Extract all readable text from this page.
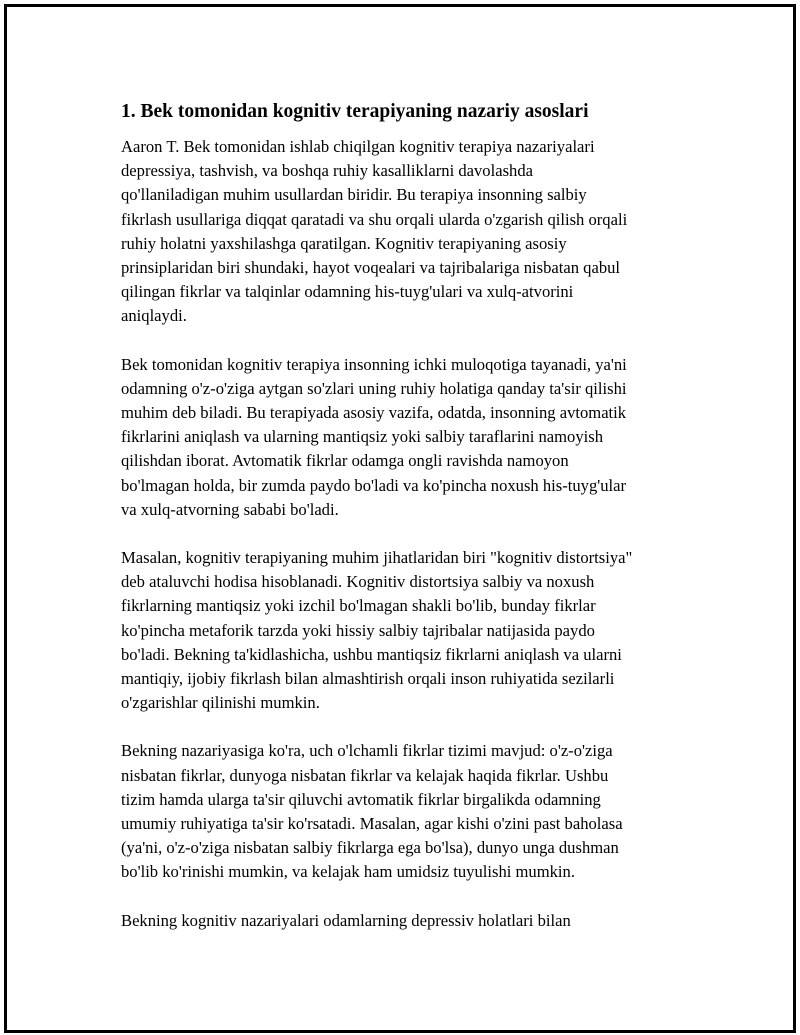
1. Bek tomonidan kognitiv terapiyaning nazariy asoslari
Aaron T. Bek tomonidan ishlab chiqilgan kognitiv terapiya nazariyalari
depressiya, tashvish, va boshqa ruhiy kasalliklarni davolashda
qo'llaniladigan muhim usullardan biridir. Bu terapiya insonning salbiy
fikrlash usullariga diqqat qaratadi va shu orqali ularda o'zgarish qilish orqali
ruhiy holatni yaxshilashga qaratilgan. Kognitiv terapiyaning asosiy
prinsiplaridan biri shundaki, hayot voqealari va tajribalariga nisbatan qabul
qilingan fikrlar va talqinlar odamning his-tuyg'ulari va xulq-atvorini
aniqlaydi.
Bek tomonidan kognitiv terapiya insonning ichki muloqotiga tayanadi, ya'ni
odamning o'z-o'ziga aytgan so'zlari uning ruhiy holatiga qanday ta'sir qilishi
muhim deb biladi. Bu terapiyada asosiy vazifa, odatda, insonning avtomatik
fikrlarini aniqlash va ularning mantiqsiz yoki salbiy taraflarini namoyish
qilishdan iborat. Avtomatik fikrlar odamga ongli ravishda namoyon
bo'lmagan holda, bir zumda paydo bo'ladi va ko'pincha noxush his-tuyg'ular
va xulq-atvorning sababi bo'ladi.
Masalan, kognitiv terapiyaning muhim jihatlaridan biri "kognitiv distortsiya"
deb ataluvchi hodisa hisoblanadi. Kognitiv distortsiya salbiy va noxush
fikrlarning mantiqsiz yoki izchil bo'lmagan shakli bo'lib, bunday fikrlar
ko'pincha metaforik tarzda yoki hissiy salbiy tajribalar natijasida paydo
bo'ladi. Bekning ta'kidlashicha, ushbu mantiqsiz fikrlarni aniqlash va ularni
mantiqiy, ijobiy fikrlash bilan almashtirish orqali inson ruhiyatida sezilarli
o'zgarishlar qilinishi mumkin.
Bekning nazariyasiga ko'ra, uch o'lchamli fikrlar tizimi mavjud: o'z-o'ziga
nisbatan fikrlar, dunyoga nisbatan fikrlar va kelajak haqida fikrlar. Ushbu
tizim hamda ularga ta'sir qiluvchi avtomatik fikrlar birgalikda odamning
umumiy ruhiyatiga ta'sir ko'rsatadi. Masalan, agar kishi o'zini past baholasa
(ya'ni, o'z-o'ziga nisbatan salbiy fikrlarga ega bo'lsa), dunyo unga dushman
bo'lib ko'rinishi mumkin, va kelajak ham umidsiz tuyulishi mumkin.
Bekning kognitiv nazariyalari odamlarning depressiv holatlari bilan
